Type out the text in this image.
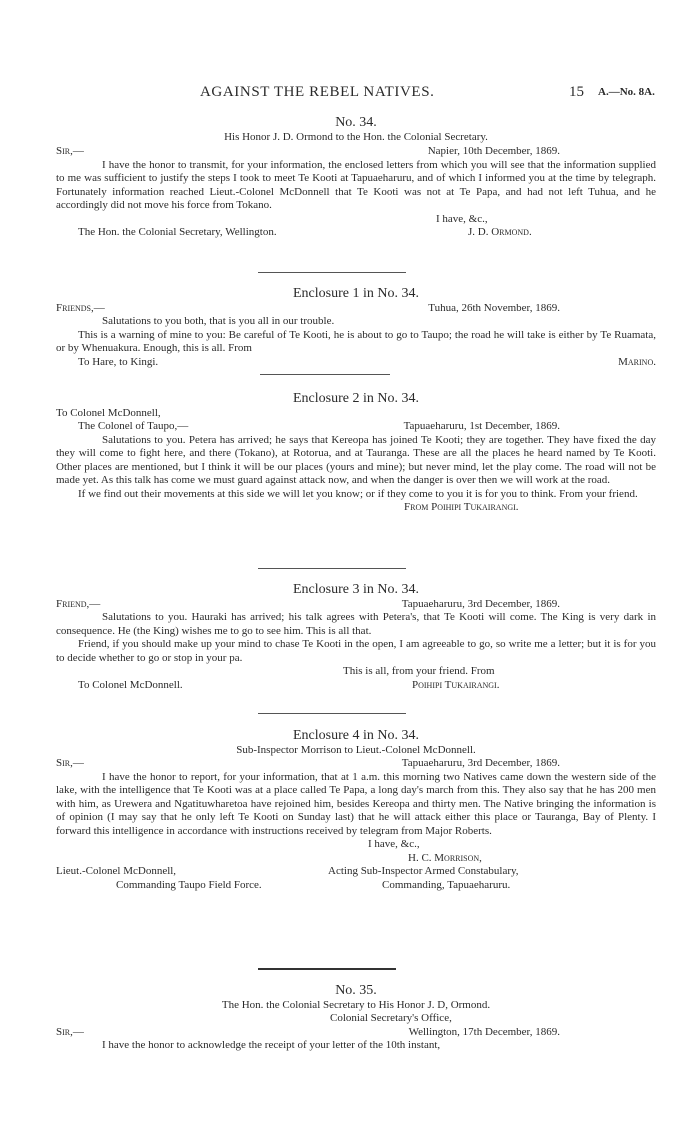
AGAINST THE REBEL NATIVES.	15 A.—No. 8A.
No. 34.
His Honor J. D. Ormond to the Hon. the Colonial Secretary.
Sir,—	Napier, 10th December, 1869.

I have the honor to transmit, for your information, the enclosed letters from which you will see that the information supplied to me was sufficient to justify the steps I took to meet Te Kooti at Tapuaeharuru, and of which I informed you at the time by telegraph. Fortunately information reached Lieut.-Colonel McDonnell that Te Kooti was not at Te Papa, and had not left Tuhua, and he accordingly did not move his force from Tokano.

I have, &c.,
The Hon. the Colonial Secretary, Wellington.	J. D. Ormond.
Enclosure 1 in No. 34.
Friends,—	Tuhua, 26th November, 1869.

Salutations to you both, that is you all in our trouble.

This is a warning of mine to you: Be careful of Te Kooti, he is about to go to Taupo; the road he will take is either by Te Ruamata, or by Whenuakura. Enough, this is all. From

To Hare, to Kingi.	Marino.
Enclosure 2 in No. 34.
To Colonel McDonnell,
The Colonel of Taupo,—	Tapuaeharuru, 1st December, 1869.

Salutations to you. Petera has arrived; he says that Kereopa has joined Te Kooti; they are together. They have fixed the day they will come to fight here, and there (Tokano), at Rotorua, and at Tauranga. These are all the places he heard named by Te Kooti. Other places are mentioned, but I think it will be our places (yours and mine); but never mind, let the play come. The road will not be made yet. As this talk has come we must guard against attack now, and when the danger is over then we will work at the road.

If we find out their movements at this side we will let you know; or if they come to you it is for you to think. From your friend.

From Poihipi Tukairangi.
Enclosure 3 in No. 34.
Friend,—	Tapuaeharuru, 3rd December, 1869.

Salutations to you. Hauraki has arrived; his talk agrees with Petera's, that Te Kooti will come. The King is very dark in consequence. He (the King) wishes me to go to see him. This is all that.

Friend, if you should make up your mind to chase Te Kooti in the open, I am agreeable to go, so write me a letter; but it is for you to decide whether to go or stop in your pa.

This is all, from your friend. From
To Colonel McDonnell.	Poihipi Tukairangi.
Enclosure 4 in No. 34.
Sub-Inspector Morrison to Lieut.-Colonel McDonnell.
Sir,—	Tapuaeharuru, 3rd December, 1869.

I have the honor to report, for your information, that at 1 a.m. this morning two Natives came down the western side of the lake, with the intelligence that Te Kooti was at a place called Te Papa, a long day's march from this. They also say that he has 200 men with him, as Urewera and Ngatituwharetoa have rejoined him, besides Kereopa and thirty men. The Native bringing the information is of opinion (I may say that he only left Te Kooti on Sunday last) that he will attack either this place or Tauranga, Bay of Plenty. I forward this intelligence in accordance with instructions received by telegram from Major Roberts.

I have, &c.,
H. C. Morrison,
Lieut.-Colonel McDonnell,	Acting Sub-Inspector Armed Constabulary,
Commanding Taupo Field Force.	Commanding, Tapuaeharuru.
No. 35.
The Hon. the Colonial Secretary to His Honor J. D, Ormond.
Colonial Secretary's Office,
Sir,—	Wellington, 17th December, 1869.

I have the honor to acknowledge the receipt of your letter of the 10th instant,
